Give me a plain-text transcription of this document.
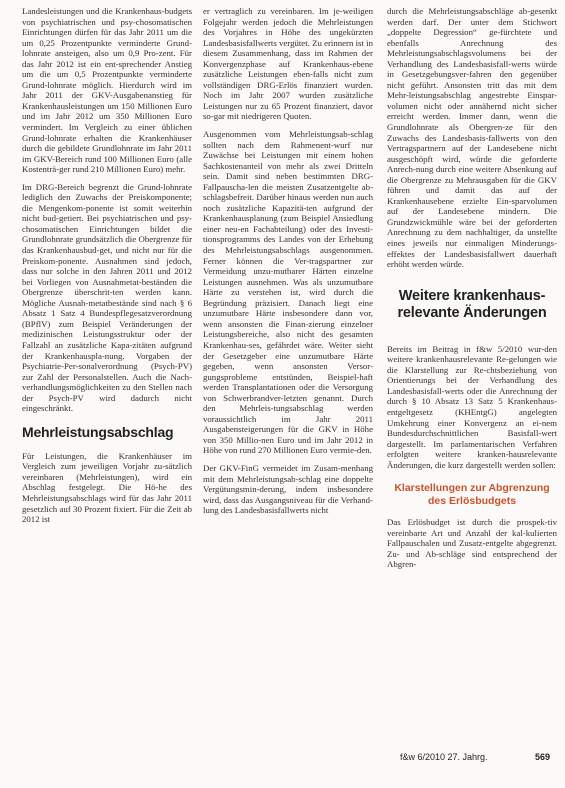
Landesleistungen und die Krankenhaus-budgets von psychiatrischen und psy-chosomatischen Einrichtungen dürfen für das Jahr 2011 um die um 0,25 Prozentpunkte verminderte Grund-lohnrate ansteigen, also um 0,9 Pro-zent. Für das Jahr 2012 ist ein ent-sprechender Anstieg um die um 0,5 Prozentpunkte verminderte Grund-lohnrate möglich. Hierdurch wird im Jahr 2011 der GKV-Ausgabenanstieg für Krankenhausleistungen um 150 Millionen Euro und im Jahr 2012 um 350 Millionen Euro vermindert. Im Vergleich zu einer üblichen Grund-lohnrate erhalten die Krankenhäuser durch die gebildete Grundlohnrate im Jahr 2011 im GKV-Bereich rund 100 Millionen Euro (alle Kostenträ-ger rund 210 Millionen Euro) mehr.

Im DRG-Bereich begrenzt die Grund-lohnrate lediglich den Zuwachs der Preiskomponente; die Mengenkom-ponente ist somit weiterhin nicht bud-getiert. Bei psychiatrischen und psy-chosomatischen Einrichtungen bildet die Grundlohnrate grundsätzlich die Obergrenze für das Krankenhausbud-get, und nicht nur für die Preiskom-ponente. Ausnahmen sind jedoch, dass nur solche in den Jahren 2011 und 2012 bei Vorliegen von Ausnahmetat-beständen die Obergrenze überschrit-ten werden kann. Mögliche Ausnah-metatbestände sind nach § 6 Absatz 1 Satz 4 Bundespflegesatzverordnung (BPflV) zum Beispiel Veränderungen der medizinischen Leistungsstruktur oder der Fallzahl an zusätzliche Kapa-zitäten aufgrund der Krankenhauspla-nung. Vorgaben der Psychiatrie-Per-sonalverordnung (Psych-PV) zur Zahl der Personalstellen. Auch die Nach-verhandlungsmöglichkeiten zu den Stellen nach der Psych-PV wird dadurch nicht eingeschränkt.

Mehrleistungsabschlag

Für Leistungen, die Krankenhäuser im Vergleich zum jeweiligen Vorjahr zu-sätzlich vereinbaren (Mehrleistungen), wird ein Abschlag festgelegt. Die Hö-he des Mehrleistungsabschlags wird für das Jahr 2011 gesetzlich auf 30 Prozent fixiert. Für die Zeit ab 2012 ist

er vertraglich zu vereinbaren. Im je-weiligen Folgejahr werden jedoch die Mehrleistungen des Vorjahres in Höhe des ungekürzten Landesbasisfallwerts vergütet. Zu erinnern ist in diesem Zusammenhang, dass im Rahmen der Konvergenzphase auf Krankenhaus-ebene zusätzliche Leistungen eben-falls nicht zum vollständigen DRG-Erlös finanziert wurden. Noch im Jahr 2007 wurden zusätzliche Leistungen nur zu 65 Prozent finanziert, davor so-gar mit niedrigeren Quoten.

Ausgenommen vom Mehrleistungsab-schlag sollten nach dem Rahmenent-wurf nur Zuwächse bei Leistungen mit einem hohen Sachkostenanteil von mehr als zwei Dritteln sein. Damit sind neben bestimmten DRG-Fallpauscha-len die meisten Zusatzentgelte ab-schlagsbefreit. Darüber hinaus werden nun auch noch zusätzliche Kapazitä-ten aufgrund der Krankenhausplanung (zum Beispiel Ansiedlung einer neu-en Fachabteilung) oder des Investi-tionsprogramms des Landes von der Erhebung des Mehrleistungsabschlags ausgenommen. Ferner können die Ver-tragspartner zur Vermeidung unzu-mutbarer Härten einzelne Leistungen ausnehmen. Was als unzumutbare Härte zu verstehen ist, wird durch die Begründung präzisiert. Danach liegt eine unzumutbare Härte insbesondere dann vor, wenn ansonsten die Finan-zierung einzelner Leistungsbereiche, also nicht des gesamten Krankenhau-ses, gefährdet wäre. Weiter sieht der Gesetzgeber eine unzumutbare Härte gegeben, wenn ansonsten Versor-gungsprobleme entstünden, Beispiel-haft werden Transplantationen oder die Versorgung von Schwerbrandver-letzten genannt. Durch den Mehrleis-tungsabschlag werden voraussichtlich im Jahr 2011 Ausgabensteigerungen für die GKV in Höhe von 350 Millio-nen Euro und im Jahr 2012 in Höhe von rund 270 Millionen Euro vermie-den.

Der GKV-FinG vermeidet im Zusam-menhang mit dem Mehrleistungsab-schlag eine doppelte Vergütungsmin-derung, indem insbesondere wird, dass das Ausgangsniveau für die Verhand-lung des Landesbasisfallwerts nicht

durch die Mehrleistungsabschläge ab-gesenkt werden darf. Der unter dem Stichwort „doppelte Degression“ ge-fürchtete und ebenfalls Anrechnung des Mehrleistungsabschlagsvolumens bei der Verhandlung des Landesbasisfall-werts würde in Gesetzgebungsver-fahren den gegenüber nicht geführt. Ansonsten tritt das mit dem Mehr-leistungsabschlag angestrebte Einspar-volumen nicht oder annähernd nicht sicher erreicht werden. Immer dann, wenn die Grundlohnrate als Obergren-ze für den Zuwachs des Landesbasis-fallwerts von den Vertragspartnern auf der Landesebene nicht ausgeschöpft wird, würde die geforderte Anrech-nung durch eine weitere Absenkung auf die Obergrenze zu Mehrausgaben für die GKV führen und damit das auf der Krankenhausebene erzielte Ein-sparvolumen auf der Landesebene mindern. Die Grundzwickmühle wäre bei der geforderten Anrechnung zu dem nachhaltiger, da unstellte eines jeweils nur einmaligen Minderungs-effektes der Landesbasisfallwert dauerhaft erhöht werden würde.

Weitere krankenhaus-relevante Änderungen

Bereits im Beitrag in f&w 5/2010 wur-den weitere krankenhausrelevante Re-gelungen wie die Klarstellung zur Re-chtsbeziehung von Orientierungs bei der Verhandlung des Landesbasisfall-werts oder die Anrechnung der durch § 10 Absatz 13 Satz 5 Krankenhaus-entgeltgesetz (KHEntgG) angelegten Umkehrung einer Konvergenz an ei-nem Bundesdurchschnittlichen Basisfall-wert dargestellt. Im parlamentarischen Verfahren erfolgten weitere kranken-hausrelevante Änderungen, die kurz dargestellt werden sollen:

Klarstellungen zur Abgrenzung des Erlösbudgets

Das Erlösbudget ist durch die prospek-tiv vereinbarte Art und Anzahl der kal-kulierten Fallpauschalen und Zusatz-entgelte abgegrenzt. Zu- und Ab-schläge sind entsprechend der Abgren-

f&w 6/2010 27. Jahrg.	569
